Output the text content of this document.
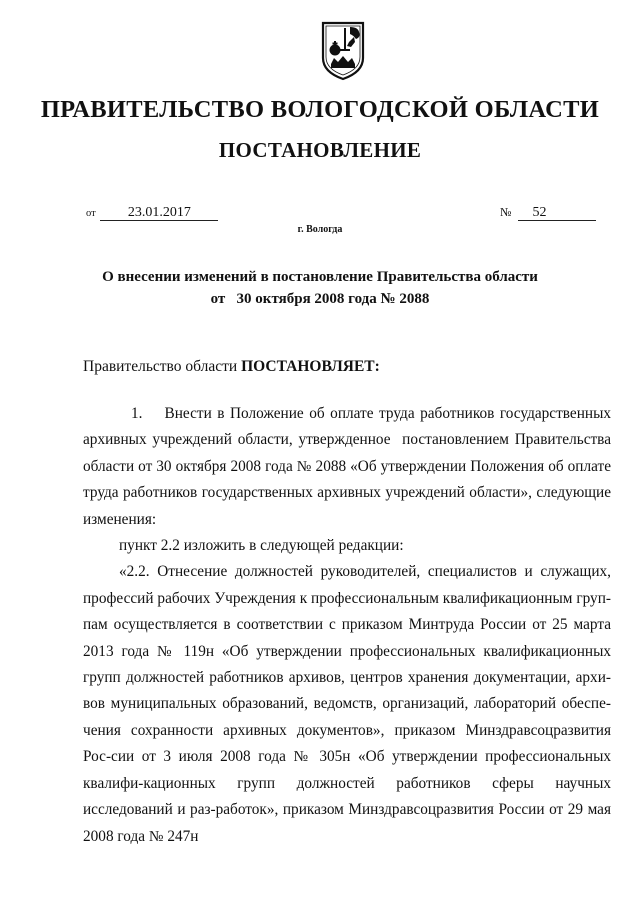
ПРАВИТЕЛЬСТВО ВОЛОГОДСКОЙ ОБЛАСТИ
ПОСТАНОВЛЕНИЕ
от 23.01.2017	№ 52
г. Вологда
О внесении изменений в постановление Правительства области
от   30 октября 2008 года № 2088
Правительство области ПОСТАНОВЛЯЕТ:

1.    Внести в Положение об оплате труда работников государственных архивных учреждений области, утвержденное  постановлением Правительства области от 30 октября 2008 года № 2088 «Об утверждении Положения об оплате труда работников государственных архивных учреждений области», следующие изменения:

пункт 2.2 изложить в следующей редакции:

«2.2. Отнесение должностей руководителей, специалистов и служащих, профессий рабочих Учреждения к профессиональным квалификационным груп-пам осуществляется в соответствии с приказом Минтруда России от 25 марта 2013 года № 119н «Об утверждении профессиональных квалификационных групп должностей работников архивов, центров хранения документации, архи-вов муниципальных образований, ведомств, организаций, лабораторий обеспе-чения сохранности архивных документов», приказом Минздравсоцразвития Рос-сии от 3 июля 2008 года № 305н «Об утверждении профессиональных квалифи-кационных групп должностей работников сферы научных исследований и раз-работок», приказом Минздравсоцразвития России от 29 мая 2008 года № 247н
